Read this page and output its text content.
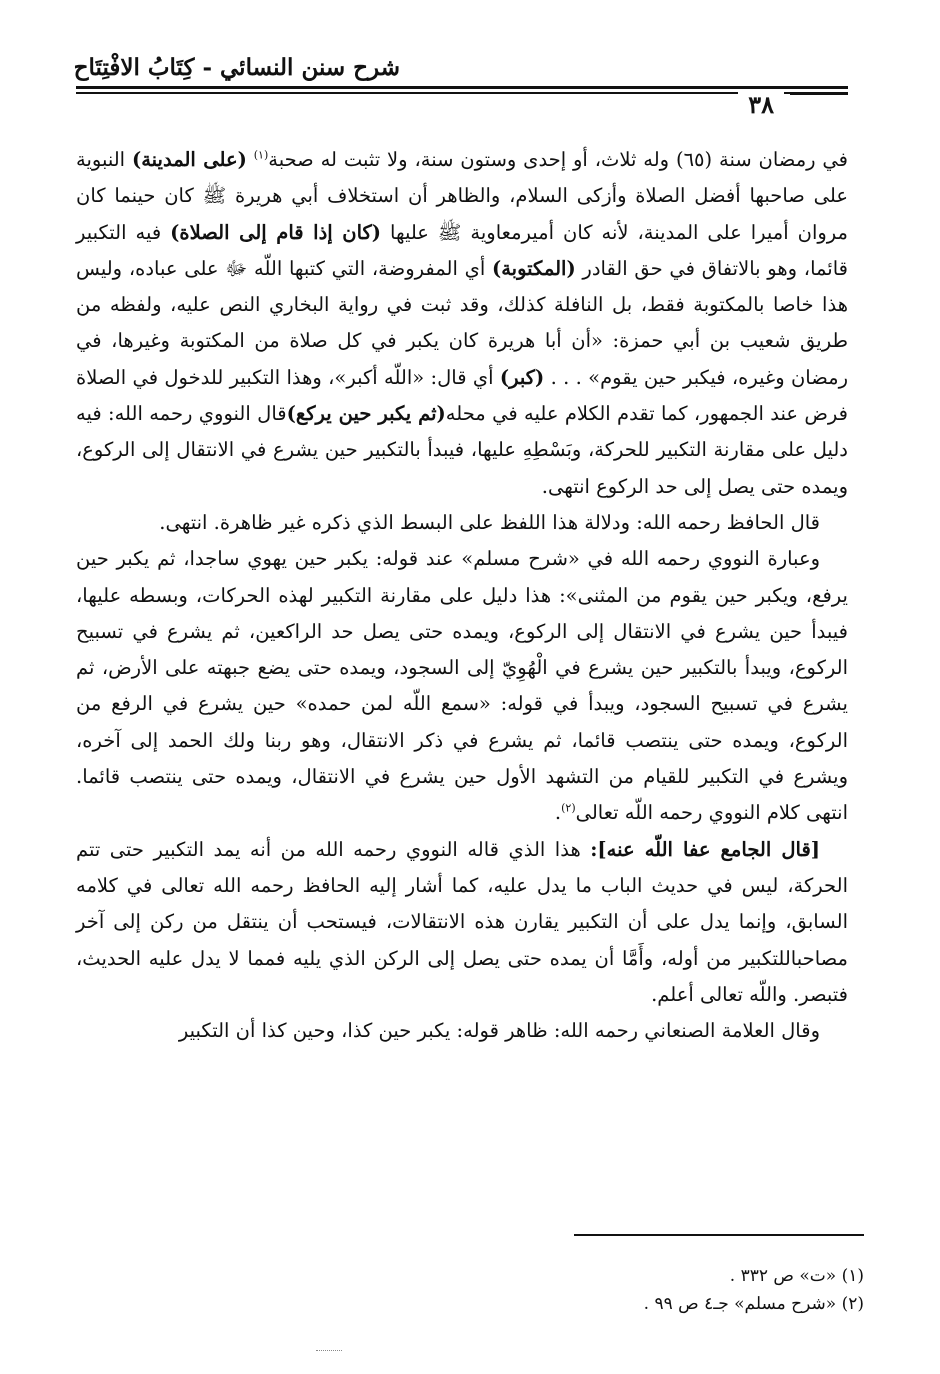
شرح سنن النسائي - كِتَابُ الافْتِتَاح
٣٨

في رمضان سنة (٦٥) وله ثلاث، أو إحدى وستون سنة، ولا تثبت له صحبة$^{(١)}$ (على المدينة) النبوية على صاحبها أفضل الصلاة وأزكى السلام، والظاهر أن استخلاف أبي هريرة ﷺ كان حينما كان مروان أميرا على المدينة، لأنه كان أميرمعاوية ﷺ عليها (كان إذا قام إلى الصلاة) فيه التكبير قائما، وهو بالاتفاق في حق القادر (المكتوبة) أي المفروضة، التي كتبها اللّه ﷻ على عباده، وليس هذا خاصا بالمكتوبة فقط، بل النافلة كذلك، وقد ثبت في رواية البخاري النص عليه، ولفظه من طريق شعيب بن أبي حمزة: «أن أبا هريرة كان يكبر في كل صلاة من المكتوبة وغيرها، في رمضان وغيره، فيكبر حين يقوم» . . . (كبر) أي قال: «اللّه أكبر»، وهذا التكبير للدخول في الصلاة فرض عند الجمهور، كما تقدم الكلام عليه في محله(ثم يكبر حين يركع)قال النووي رحمه الله: فيه دليل على مقارنة التكبير للحركة، وبَسْطِهِ عليها، فيبدأ بالتكبير حين يشرع في الانتقال إلى الركوع، ويمده حتى يصل إلى حد الركوع انتهى.

قال الحافظ رحمه الله: ودلالة هذا اللفظ على البسط الذي ذكره غير ظاهرة. انتهى.

وعبارة النووي رحمه الله في «شرح مسلم» عند قوله: يكبر حين يهوي ساجدا، ثم يكبر حين يرفع، ويكبر حين يقوم من المثنى»: هذا دليل على مقارنة التكبير لهذه الحركات، وبسطه عليها، فيبدأ حين يشرع في الانتقال إلى الركوع، ويمده حتى يصل حد الراكعين، ثم يشرع في تسبيح الركوع، ويبدأ بالتكبير حين يشرع في الْهُوِيّ إلى السجود، ويمده حتى يضع جبهته على الأرض، ثم يشرع في تسبيح السجود، ويبدأ في قوله: «سمع اللّه لمن حمده» حين يشرع في الرفع من الركوع، ويمده حتى ينتصب قائما، ثم يشرع في ذكر الانتقال، وهو ربنا ولك الحمد إلى آخره، ويشرع في التكبير للقيام من التشهد الأول حين يشرع في الانتقال، ويمده حتى ينتصب قائما. انتهى كلام النووي رحمه اللّه تعالى$^{(٢)}$.

[قال الجامع عفا اللّه عنه]: هذا الذي قاله النووي رحمه الله من أنه يمد التكبير حتى تتم الحركة، ليس في حديث الباب ما يدل عليه، كما أشار إليه الحافظ رحمه الله تعالى في كلامه السابق، وإنما يدل على أن التكبير يقارن هذه الانتقالات، فيستحب أن ينتقل من ركن إلى آخر مصاحباللتكبير من أوله، وأَمَّا أن يمده حتى يصل إلى الركن الذي يليه فمما لا يدل عليه الحديث، فتبصر. واللّه تعالى أعلم.

وقال العلامة الصنعاني رحمه الله: ظاهر قوله: يكبر حين كذا، وحين كذا أن التكبير

(١) «ت» ص ٣٣٢ .

(٢) «شرح مسلم» جـ٤ ص ٩٩ .
